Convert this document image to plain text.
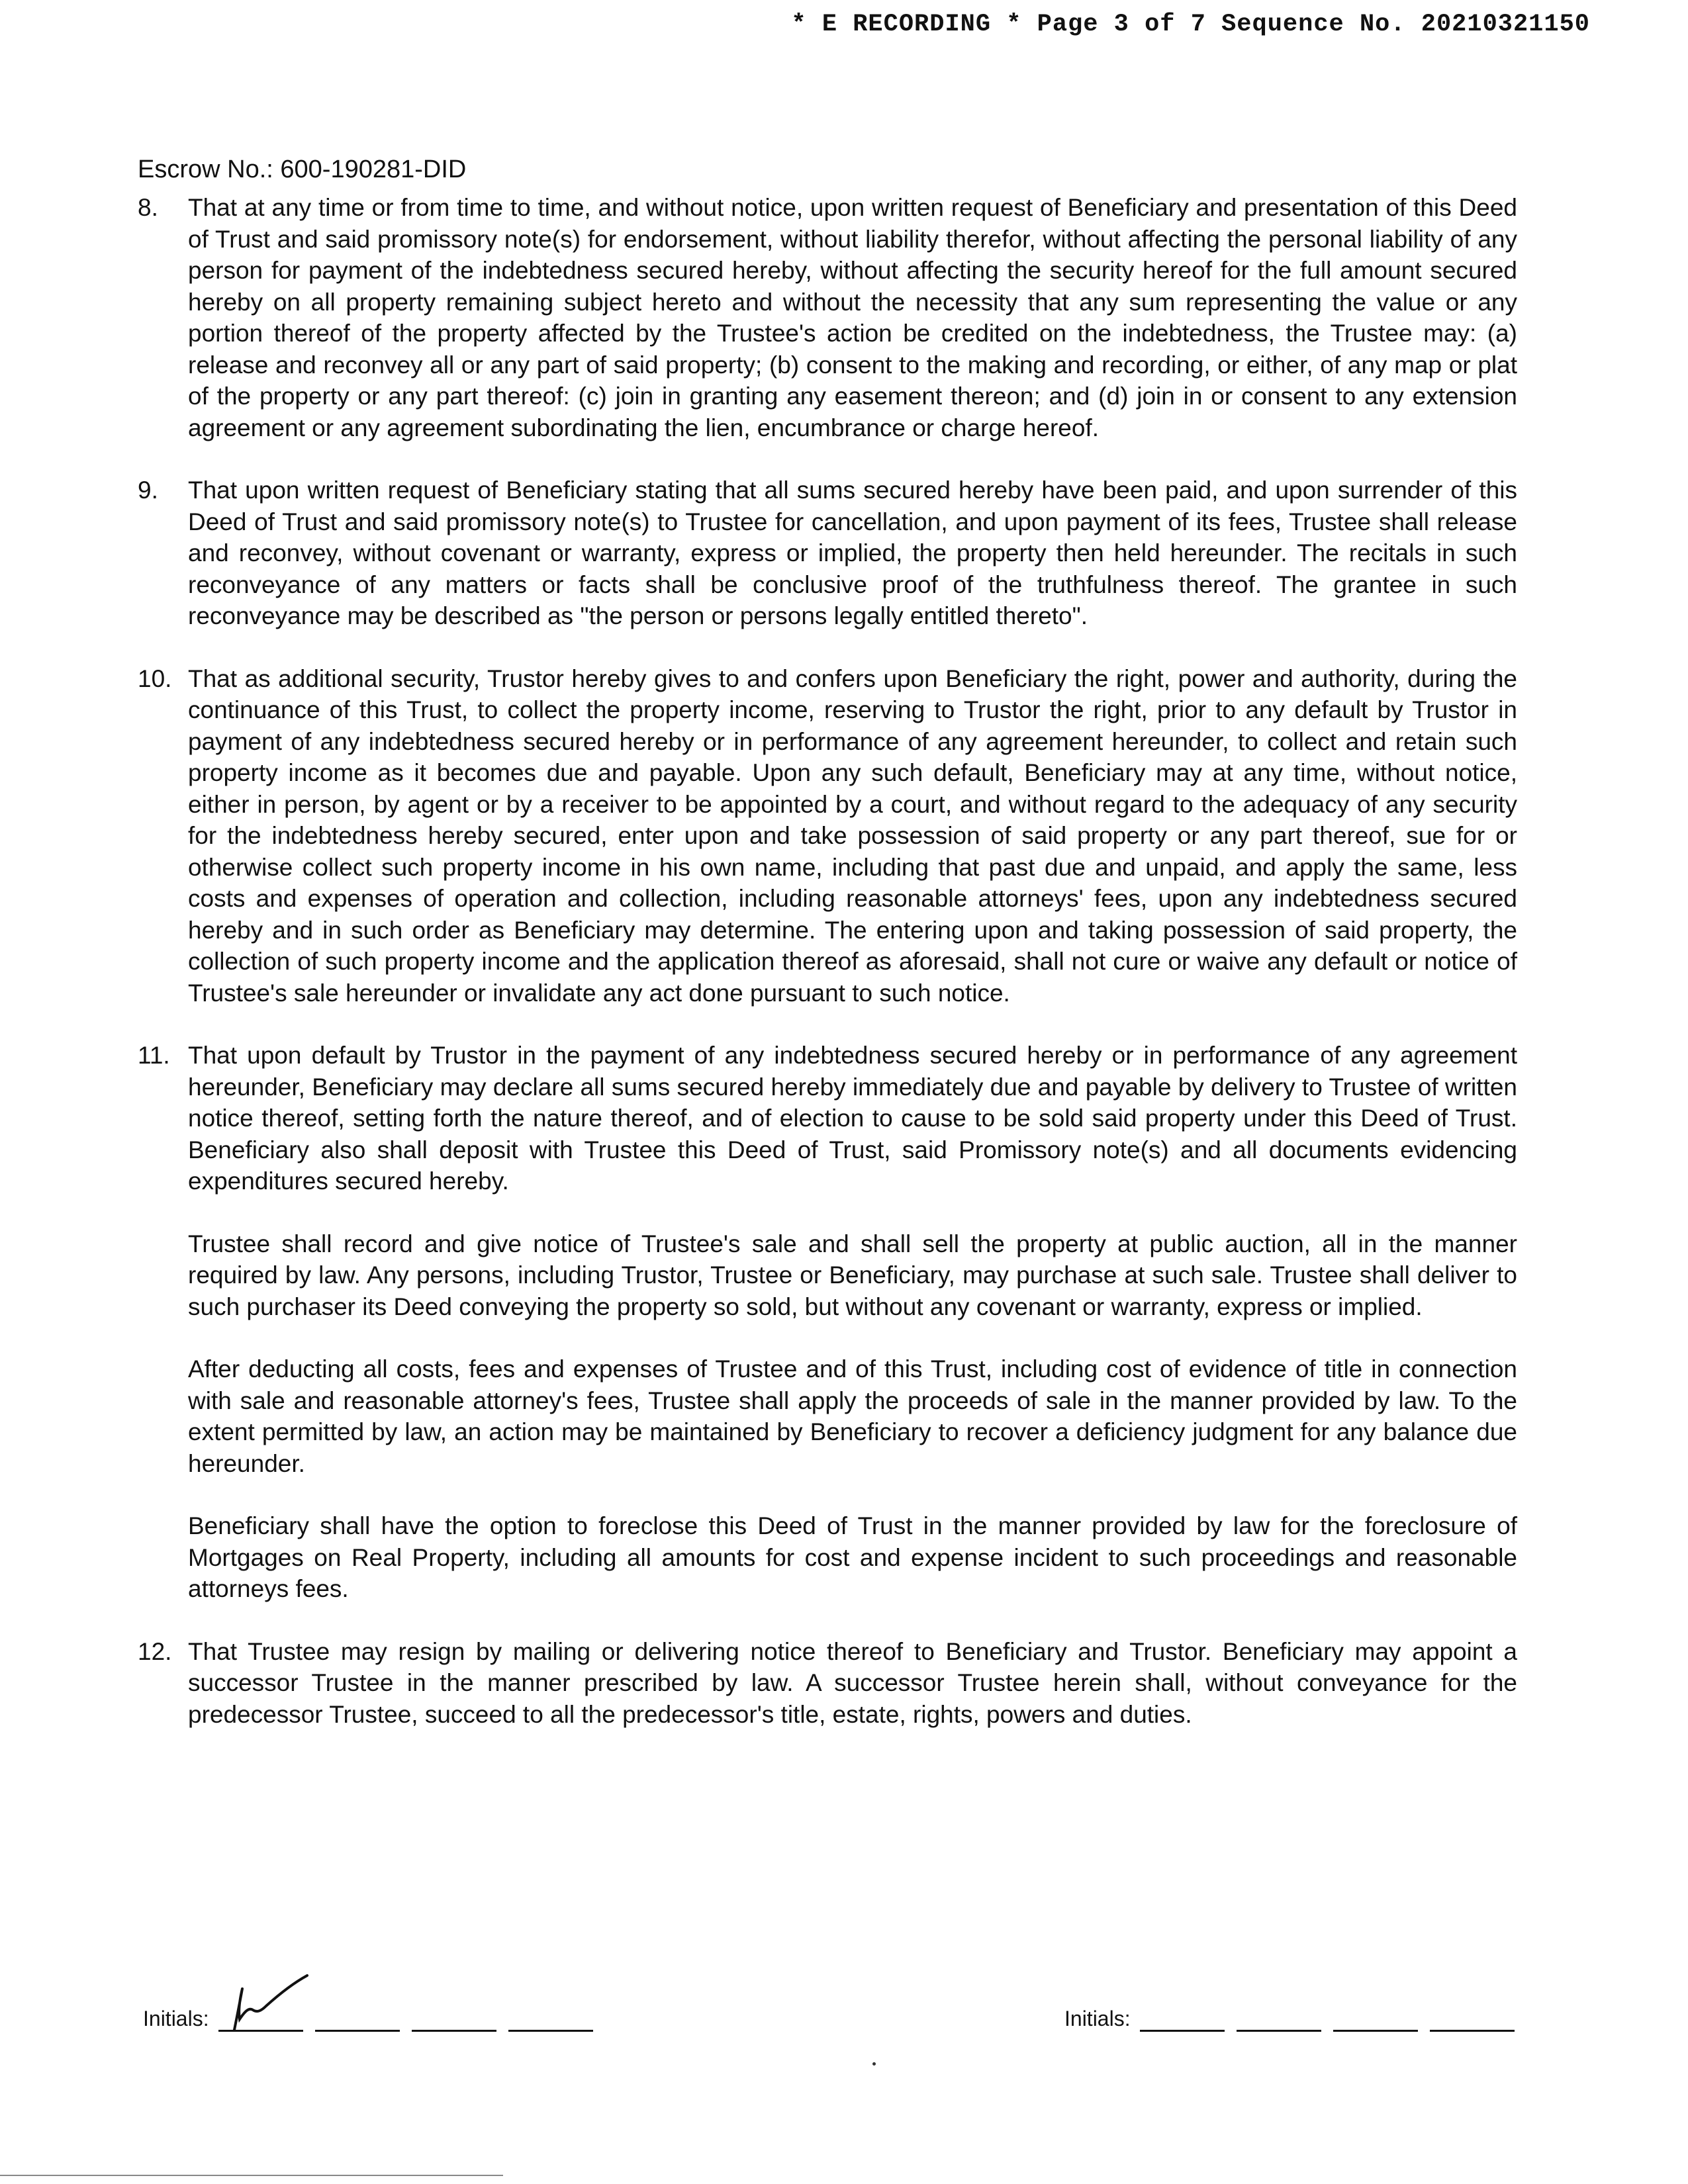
* E RECORDING * Page 3 of 7 Sequence No. 20210321150
Escrow No.: 600-190281-DID
8.	That at any time or from time to time, and without notice, upon written request of Beneficiary and presentation of this Deed of Trust and said promissory note(s) for endorsement, without liability therefor, without affecting the personal liability of any person for payment of the indebtedness secured hereby, without affecting the security hereof for the full amount secured hereby on all property remaining subject hereto and without the necessity that any sum representing the value or any portion thereof of the property affected by the Trustee's action be credited on the indebtedness, the Trustee may: (a) release and reconvey all or any part of said property; (b) consent to the making and recording, or either, of any map or plat of the property or any part thereof: (c) join in granting any easement thereon; and (d) join in or consent to any extension agreement or any agreement subordinating the lien, encumbrance or charge hereof.

9.	That upon written request of Beneficiary stating that all sums secured hereby have been paid, and upon surrender of this Deed of Trust and said promissory note(s) to Trustee for cancellation, and upon payment of its fees, Trustee shall release and reconvey, without covenant or warranty, express or implied, the property then held hereunder. The recitals in such reconveyance of any matters or facts shall be conclusive proof of the truthfulness thereof. The grantee in such reconveyance may be described as "the person or persons legally entitled thereto".

10. That as additional security, Trustor hereby gives to and confers upon Beneficiary the right, power and authority, during the continuance of this Trust, to collect the property income, reserving to Trustor the right, prior to any default by Trustor in payment of any indebtedness secured hereby or in performance of any agreement hereunder, to collect and retain such property income as it becomes due and payable. Upon any such default, Beneficiary may at any time, without notice, either in person, by agent or by a receiver to be appointed by a court, and without regard to the adequacy of any security for the indebtedness hereby secured, enter upon and take possession of said property or any part thereof, sue for or otherwise collect such property income in his own name, including that past due and unpaid, and apply the same, less costs and expenses of operation and collection, including reasonable attorneys' fees, upon any indebtedness secured hereby and in such order as Beneficiary may determine. The entering upon and taking possession of said property, the collection of such property income and the application thereof as aforesaid, shall not cure or waive any default or notice of Trustee's sale hereunder or invalidate any act done pursuant to such notice.

11. That upon default by Trustor in the payment of any indebtedness secured hereby or in performance of any agreement hereunder, Beneficiary may declare all sums secured hereby immediately due and payable by delivery to Trustee of written notice thereof, setting forth the nature thereof, and of election to cause to be sold said property under this Deed of Trust. Beneficiary also shall deposit with Trustee this Deed of Trust, said Promissory note(s) and all documents evidencing expenditures secured hereby.

Trustee shall record and give notice of Trustee's sale and shall sell the property at public auction, all in the manner required by law. Any persons, including Trustor, Trustee or Beneficiary, may purchase at such sale. Trustee shall deliver to such purchaser its Deed conveying the property so sold, but without any covenant or warranty, express or implied.

After deducting all costs, fees and expenses of Trustee and of this Trust, including cost of evidence of title in connection with sale and reasonable attorney's fees, Trustee shall apply the proceeds of sale in the manner provided by law. To the extent permitted by law, an action may be maintained by Beneficiary to recover a deficiency judgment for any balance due hereunder.

Beneficiary shall have the option to foreclose this Deed of Trust in the manner provided by law for the foreclosure of Mortgages on Real Property, including all amounts for cost and expense incident to such proceedings and reasonable attorneys fees.

12. That Trustee may resign by mailing or delivering notice thereof to Beneficiary and Trustor. Beneficiary may appoint a successor Trustee in the manner prescribed by law. A successor Trustee herein shall, without conveyance for the predecessor Trustee, succeed to all the predecessor's title, estate, rights, powers and duties.

Initials:	Initials:
